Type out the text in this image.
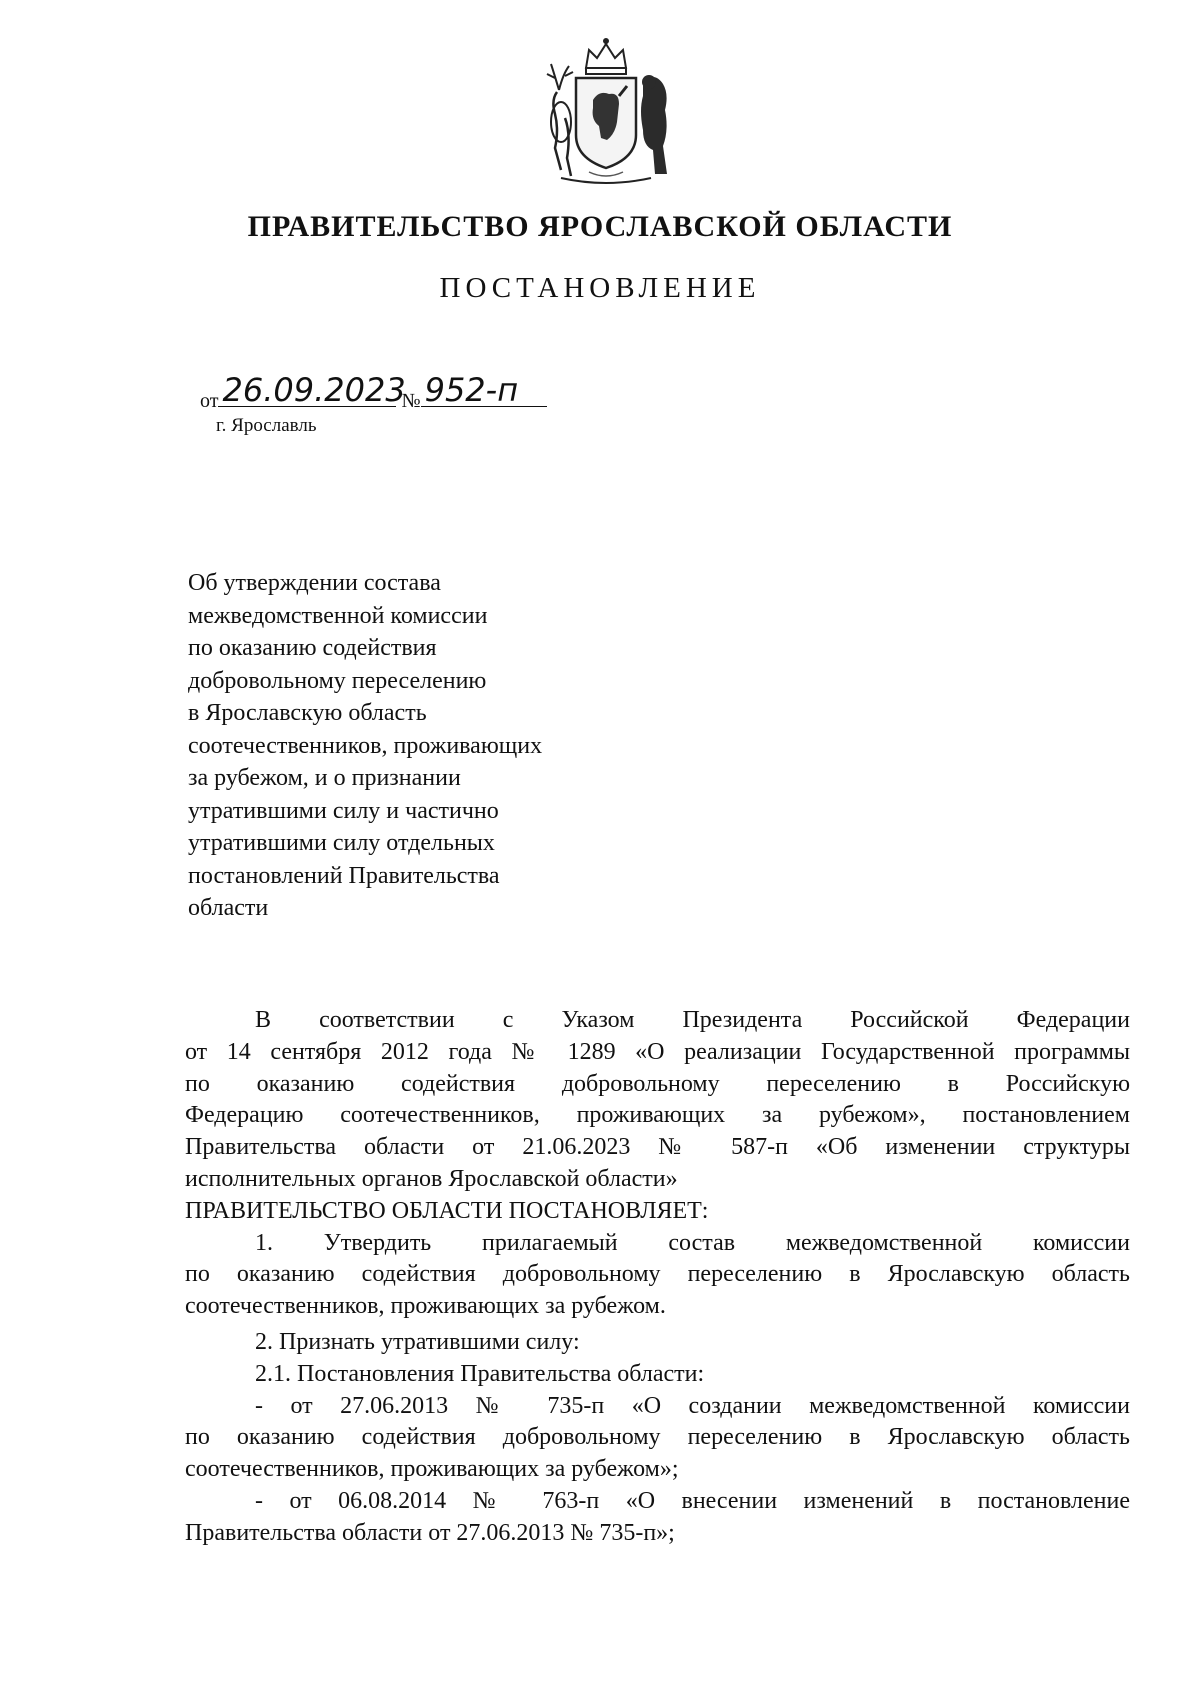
ПРАВИТЕЛЬСТВО ЯРОСЛАВСКОЙ ОБЛАСТИ
ПОСТАНОВЛЕНИЕ
от 26.09.2023 № 952-п
г. Ярославль
Об утверждении состава
межведомственной комиссии
по оказанию содействия
добровольному переселению
в Ярославскую область
соотечественников, проживающих
за рубежом, и о признании
утратившими силу и частично
утратившими силу отдельных
постановлений Правительства
области
В соответствии с Указом Президента Российской Федерации
от 14 сентября 2012 года № 1289 «О реализации Государственной программы
по оказанию содействия добровольному переселению в Российскую
Федерацию соотечественников, проживающих за рубежом», постановлением
Правительства области от 21.06.2023 № 587-п «Об изменении структуры
исполнительных органов Ярославской области»
ПРАВИТЕЛЬСТВО ОБЛАСТИ ПОСТАНОВЛЯЕТ:
1. Утвердить прилагаемый состав межведомственной комиссии
по оказанию содействия добровольному переселению в Ярославскую область
соотечественников, проживающих за рубежом.
2. Признать утратившими силу:
2.1. Постановления Правительства области:
- от 27.06.2013 № 735-п «О создании межведомственной комиссии
по оказанию содействия добровольному переселению в Ярославскую область
соотечественников, проживающих за рубежом»;
- от 06.08.2014 № 763-п «О внесении изменений в постановление
Правительства области от 27.06.2013 № 735-п»;
